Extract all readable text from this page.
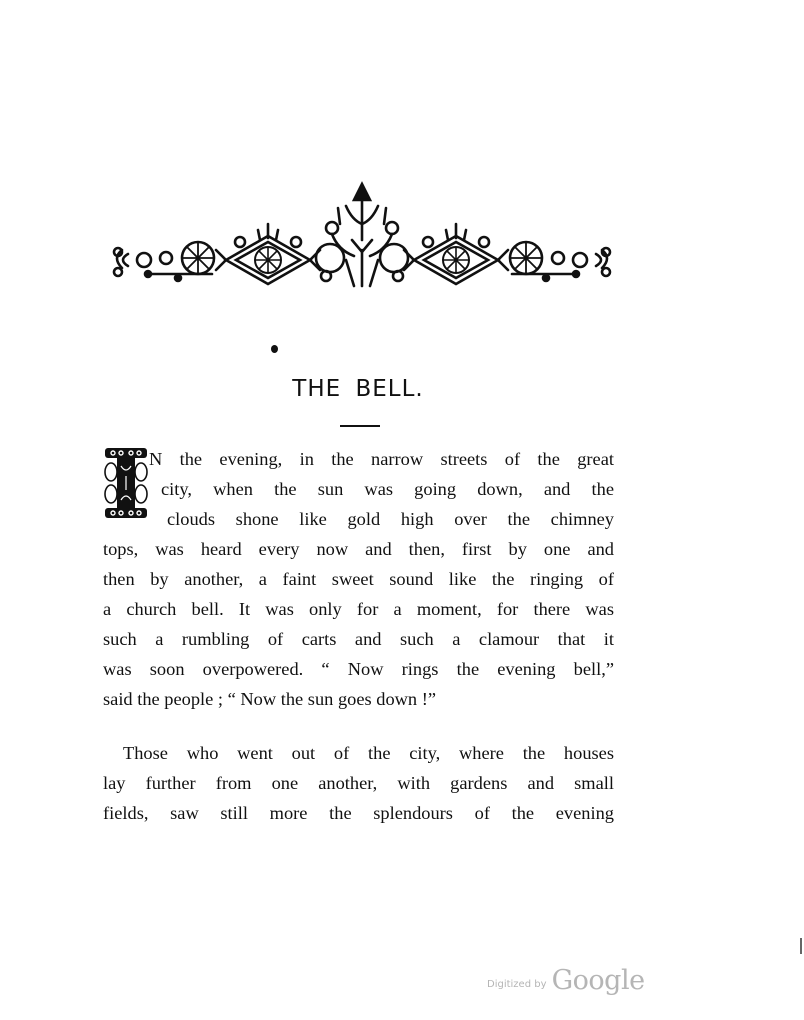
THE BELL.
N the evening, in the narrow streets of the great
city, when the sun was going down, and the
clouds shone like gold high over the chimney
tops, was heard every now and then, first by one and
then by another, a faint sweet sound like the ringing of
a church bell. It was only for a moment, for there was
such a rumbling of carts and such a clamour that it
was soon overpowered. “ Now rings the evening bell,”
said the people ; “ Now the sun goes down !”
Those who went out of the city, where the houses
lay further from one another, with gardens and small
fields, saw still more the splendours of the evening
Digitized by Google
